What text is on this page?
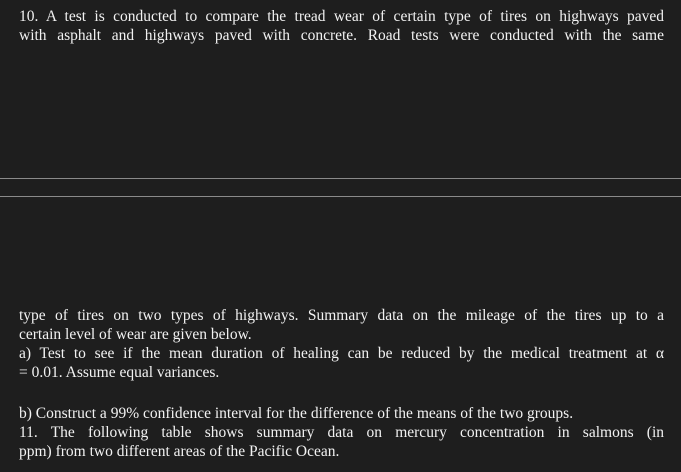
10. A test is conducted to compare the tread wear of certain type of tires on highways paved
with asphalt and highways paved with concrete. Road tests were conducted with the same
type of tires on two types of highways. Summary data on the mileage of the tires up to a
certain level of wear are given below.
a) Test to see if the mean duration of healing can be reduced by the medical treatment at α
= 0.01. Assume equal variances.
b) Construct a 99% confidence interval for the difference of the means of the two groups.
11. The following table shows summary data on mercury concentration in salmons (in
ppm) from two different areas of the Pacific Ocean.
